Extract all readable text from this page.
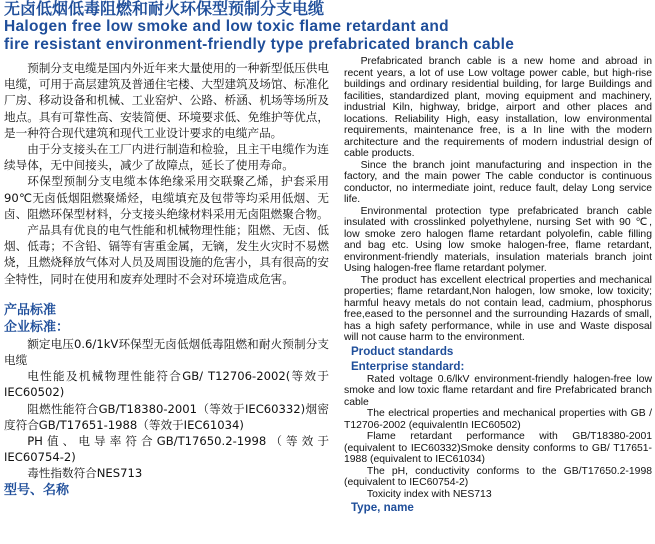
无卤低烟低毒阻燃和耐火环保型预制分支电缆
Halogen free low smoke and low toxic flame retardant and
fire resistant environment-friendly type prefabricated branch cable

预制分支电缆是国内外近年来大量使用的一种新型低压供电电缆，可用于高层建筑及普通住宅楼、大型建筑及场馆、标准化厂房、移动设备和机械、工业窑炉、公路、桥涵、机场等场所及地点。具有可靠性高、安装简便、环境要求低、免维护等优点，是一种符合现代建筑和现代工业设计要求的电缆产品。

由于分支接头在工厂内进行制造和检验，且主干电缆作为连续导体，无中间接头，减少了故障点，延长了使用寿命。

环保型预制分支电缆本体绝缘采用交联聚乙烯，护套采用90℃无卤低烟阻燃聚烯烃，电缆填充及包带等均采用低烟、无卤、阻燃环保型材料，分支接头绝缘材料采用无卤阻燃聚合物。

产品具有优良的电气性能和机械物理性能；阻燃、无卤、低烟、低毒；不含铅、镉等有害重金属，无镝，发生火灾时不易燃烧，且燃烧释放气体对人员及周围设施的危害小，具有很高的安全特性，同时在使用和废弃处理时不会对环境造成危害。

产品标准

企业标准：

额定电压0.6/1kV环保型无卤低烟低毒阻燃和耐火预制分支电缆

电性能及机械物理性能符合GB/ T12706-2002(等效于IEC60502)

阻燃性能符合GB/T18380-2001（等效于IEC60332)烟密度符合GB/T17651-1988（等效于IEC61034)

PH值、电导率符合GB/T17650.2-1998（等效于IEC60754-2)

毒性指数符合NES713

型号、名称

Prefabricated branch cable is a new home and abroad in recent years, a lot of use Low voltage power cable, but high-rise buildings and ordinary residential building, for large Buildings and facilities, standardized plant, moving equipment and machinery, industrial Kiln, highway, bridge, airport and other places and locations. Reliability High, easy installation, low environmental requirements, maintenance free, is a In line with the modern architecture and the requirements of modern industrial design of cable products.

Since the branch joint manufacturing and inspection in the factory, and the main power The cable conductor is continuous conductor, no intermediate joint, reduce fault, delay Long service life.

Environmental protection type prefabricated branch cable insulated with crosslinked polyethylene, nursing Set with 90 ℃, low smoke zero halogen flame retardant polyolefin, cable filling and bag etc. Using low smoke halogen-free, flame retardant, environment-friendly materials, insulation materials branch joint Using halogen-free flame retardant polymer.

The product has excellent electrical properties and mechanical properties; flame retardant,Non halogen, low smoke, low toxicity; harmful heavy metals do not contain lead, cadmium, phosphorus free,eased to the personnel and the surrounding Hazards of small, has a high safety performance, while in use and Waste disposal will not cause harm to the environment.

Product standards

Enterprise standard:

Rated voltage 0.6/lkV environment-friendly halogen-free low smoke and low toxic flame retardant and fire Prefabricated branch cable

The electrical properties and mechanical properties with GB / T12706-2002 (equivalentIn IEC60502)

Flame retardant performance with GB/T18380-2001 (equivalent to IEC60332)Smoke density conforms to GB/ T17651-1988 (equivalent to IEC61034)

The pH, conductivity conforms to the GB/T17650.2-1998 (equivalent to IEC60754-2)

Toxicity index with NES713

Type, name
